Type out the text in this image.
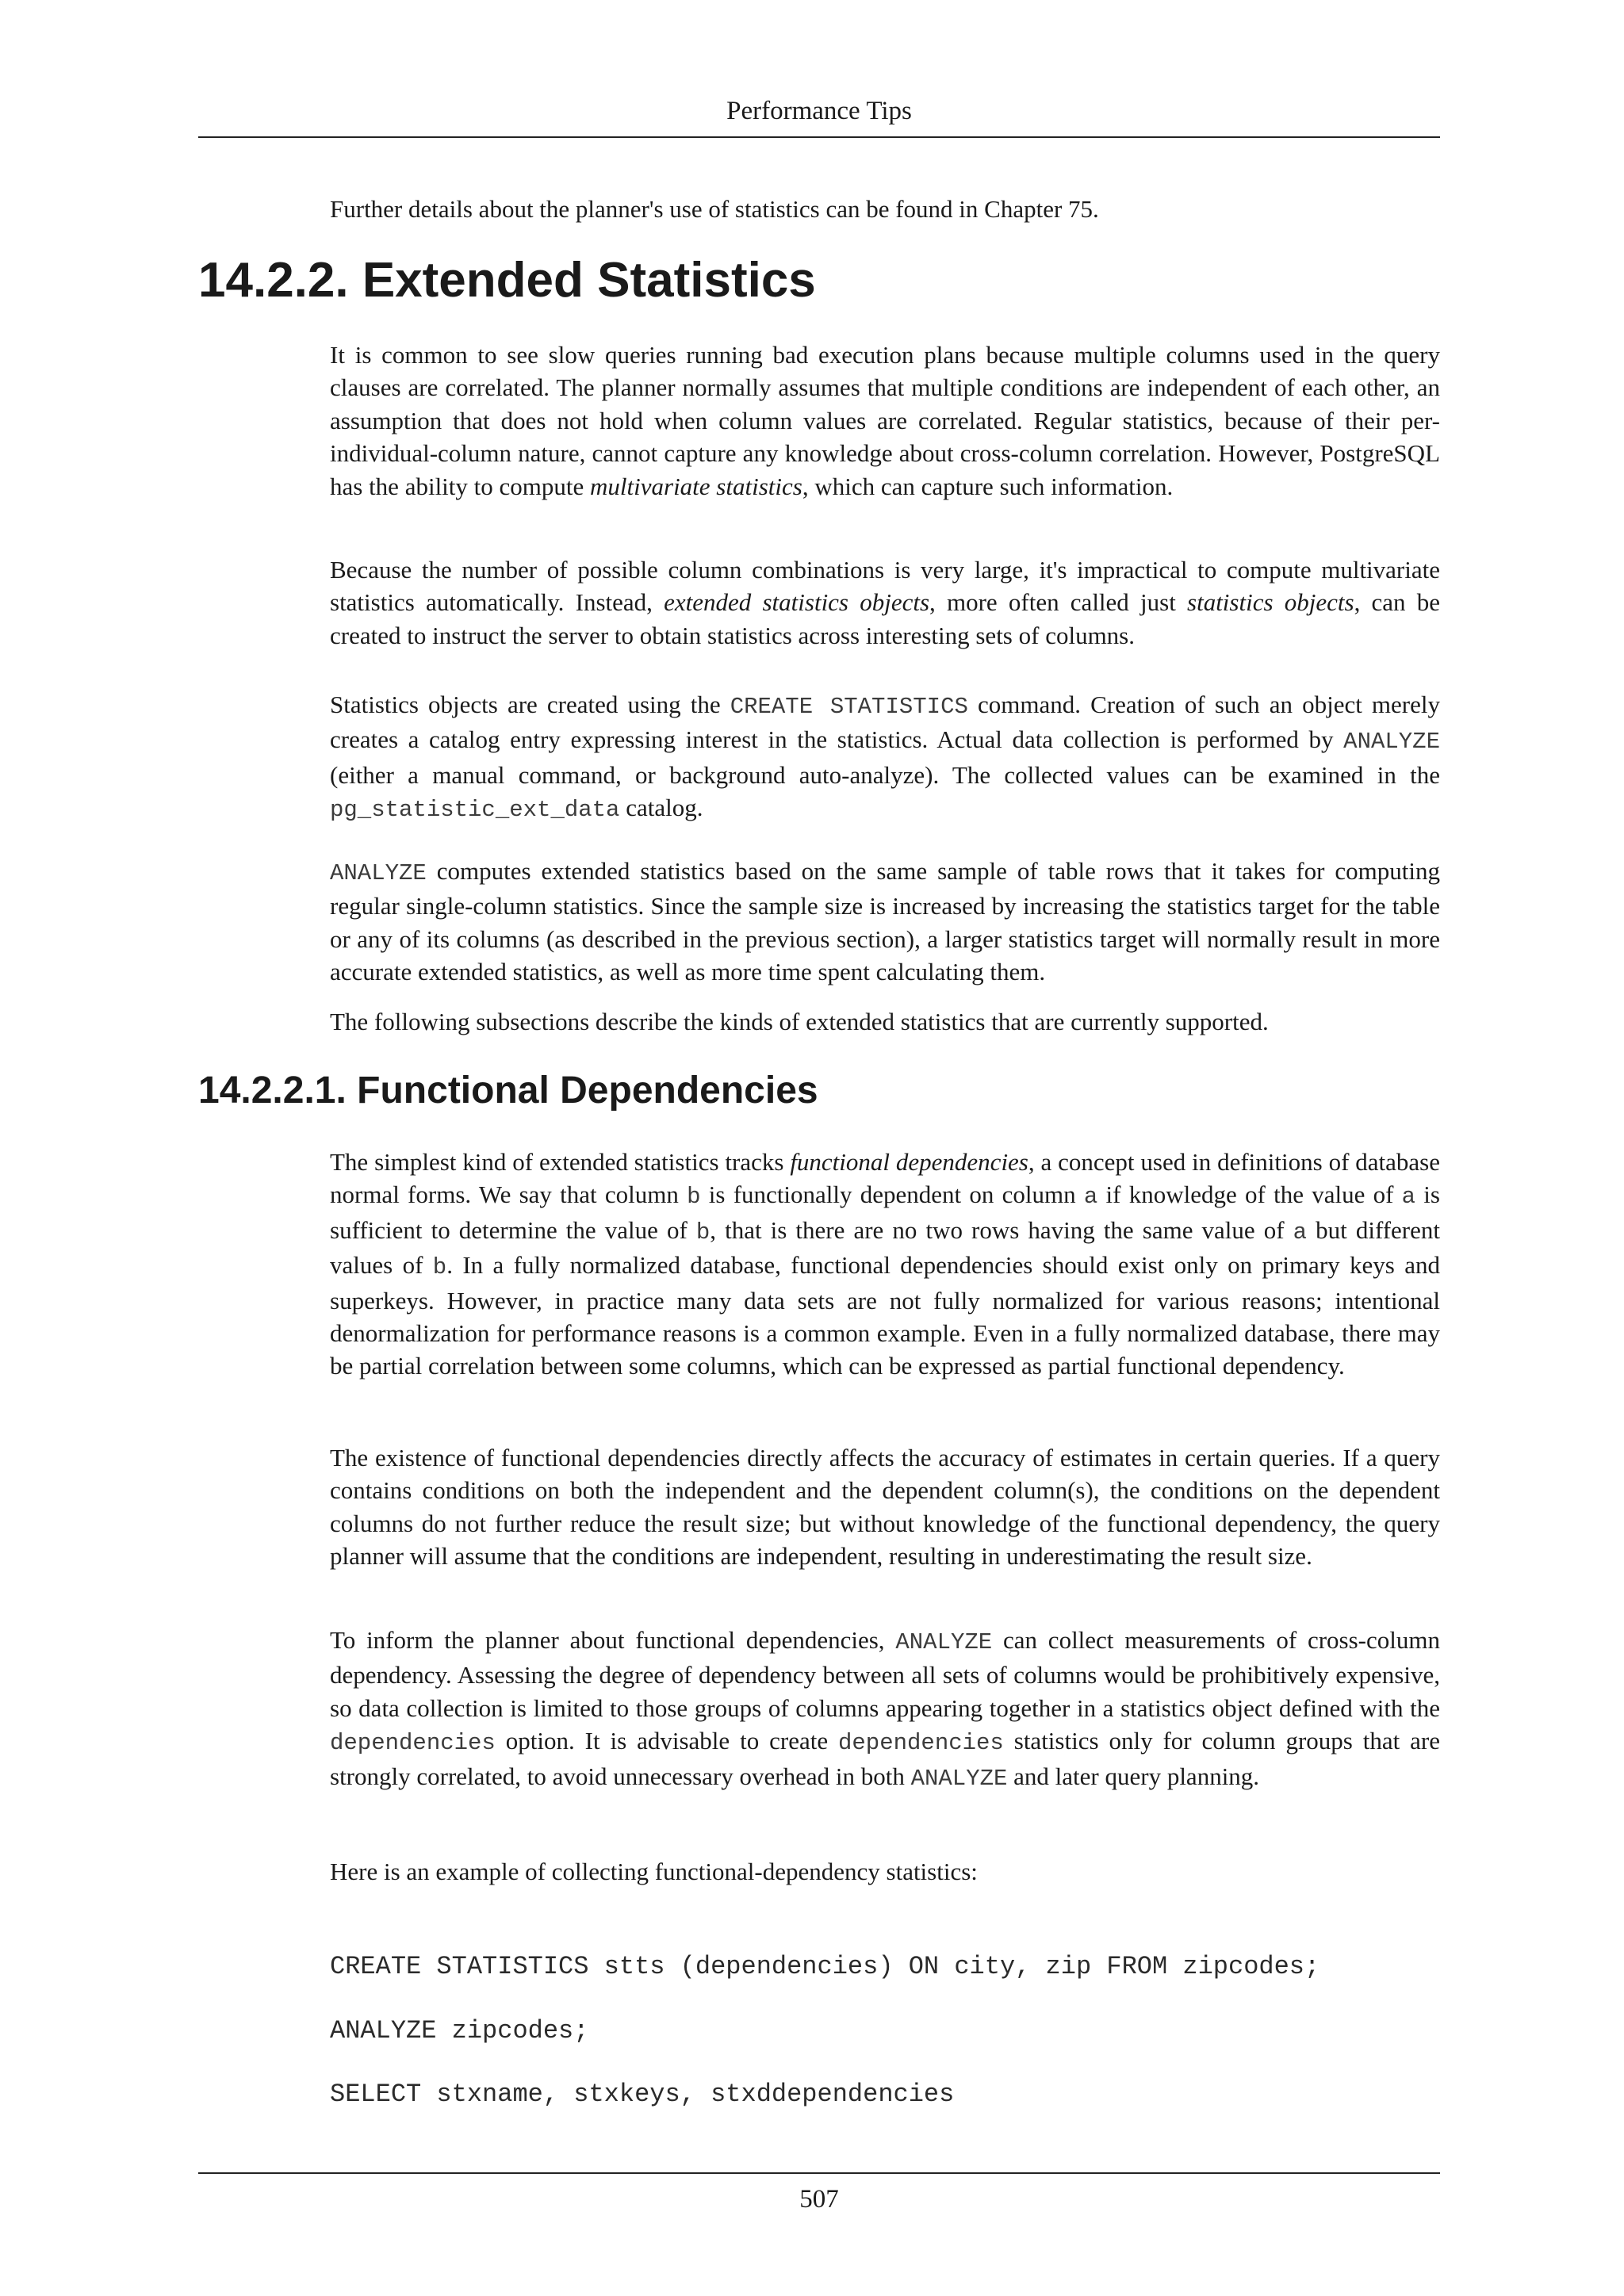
Performance Tips

Further details about the planner's use of statistics can be found in Chapter 75.

14.2.2. Extended Statistics

It is common to see slow queries running bad execution plans because multiple columns used in the query clauses are correlated. The planner normally assumes that multiple conditions are independent of each other, an assumption that does not hold when column values are correlated. Regular statistics, because of their per-individual-column nature, cannot capture any knowledge about cross-column correlation. However, PostgreSQL has the ability to compute multivariate statistics, which can capture such information.

Because the number of possible column combinations is very large, it's impractical to compute multivariate statistics automatically. Instead, extended statistics objects, more often called just statistics objects, can be created to instruct the server to obtain statistics across interesting sets of columns.

Statistics objects are created using the CREATE STATISTICS command. Creation of such an object merely creates a catalog entry expressing interest in the statistics. Actual data collection is performed by ANALYZE (either a manual command, or background auto-analyze). The collected values can be examined in the pg_statistic_ext_data catalog.

ANALYZE computes extended statistics based on the same sample of table rows that it takes for computing regular single-column statistics. Since the sample size is increased by increasing the statistics target for the table or any of its columns (as described in the previous section), a larger statistics target will normally result in more accurate extended statistics, as well as more time spent calculating them.

The following subsections describe the kinds of extended statistics that are currently supported.

14.2.2.1. Functional Dependencies

The simplest kind of extended statistics tracks functional dependencies, a concept used in definitions of database normal forms. We say that column b is functionally dependent on column a if knowledge of the value of a is sufficient to determine the value of b, that is there are no two rows having the same value of a but different values of b. In a fully normalized database, functional dependencies should exist only on primary keys and superkeys. However, in practice many data sets are not fully normalized for various reasons; intentional denormalization for performance reasons is a common example. Even in a fully normalized database, there may be partial correlation between some columns, which can be expressed as partial functional dependency.

The existence of functional dependencies directly affects the accuracy of estimates in certain queries. If a query contains conditions on both the independent and the dependent column(s), the conditions on the dependent columns do not further reduce the result size; but without knowledge of the functional dependency, the query planner will assume that the conditions are independent, resulting in underestimating the result size.

To inform the planner about functional dependencies, ANALYZE can collect measurements of cross-column dependency. Assessing the degree of dependency between all sets of columns would be prohibitively expensive, so data collection is limited to those groups of columns appearing together in a statistics object defined with the dependencies option. It is advisable to create dependencies statistics only for column groups that are strongly correlated, to avoid unnecessary overhead in both ANALYZE and later query planning.

Here is an example of collecting functional-dependency statistics:

CREATE STATISTICS stts (dependencies) ON city, zip FROM zipcodes;
ANALYZE zipcodes;
SELECT stxname, stxkeys, stxddependencies
507
